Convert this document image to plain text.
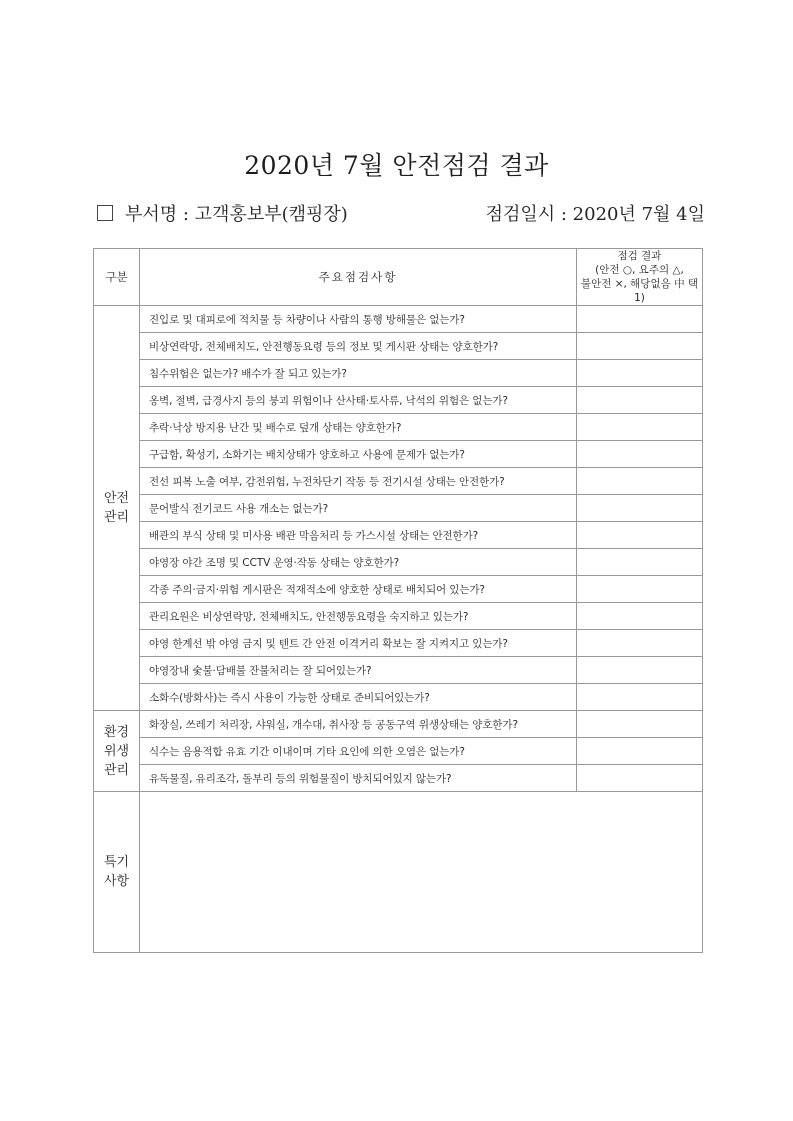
2020년 7월 안전점검 결과
부서명 : 고객홍보부(캠핑장)	점검일시 : 2020년 7월 4일
구분	주요점검사항	점검 결과
(안전 ○, 요주의 △,
불안전 ×, 해당없음 中 택1)

안전
관리	진입로 및 대피로에 적치물 등 차량이나 사람의 통행 방해물은 없는가?	
	비상연락망, 전체배치도, 안전행동요령 등의 정보 및 게시판 상태는 양호한가?	
	침수위험은 없는가? 배수가 잘 되고 있는가?	
	옹벽, 절벽, 급경사지 등의 붕괴 위험이나 산사태·토사류, 낙석의 위험은 없는가?	
	추락·낙상 방지용 난간 및 배수로 덮개 상태는 양호한가?	
	구급함, 확성기, 소화기는 배치상태가 양호하고 사용에 문제가 없는가?	
	전선 피복 노출 여부, 감전위험, 누전차단기 작동 등 전기시설 상태는 안전한가?	
	문어발식 전기코드 사용 개소는 없는가?	
	배관의 부식 상태 및 미사용 배관 막음처리 등 가스시설 상태는 안전한가?	
	야영장 야간 조명 및 CCTV 운영·작동 상태는 양호한가?	
	각종 주의·금지·위험 게시판은 적재적소에 양호한 상태로 배치되어 있는가?	
	관리요원은 비상연락망, 전체배치도, 안전행동요령을 숙지하고 있는가?	
	야영 한계선 밖 야영 금지 및 텐트 간 안전 이격거리 확보는 잘 지켜지고 있는가?	
	야영장내 숯불·담배불 잔불처리는 잘 되어있는가?	
	소화수(방화사)는 즉시 사용이 가능한 상태로 준비되어있는가?	

환경
위생
관리	화장실, 쓰레기 처리장, 샤워실, 개수대, 취사장 등 공동구역 위생상태는 양호한가?	
	식수는 음용적합 유효 기간 이내이며 기타 요인에 의한 오염은 없는가?	
	유독물질, 유리조각, 돌부리 등의 위험물질이 방치되어있지 않는가?	

특기
사항		
